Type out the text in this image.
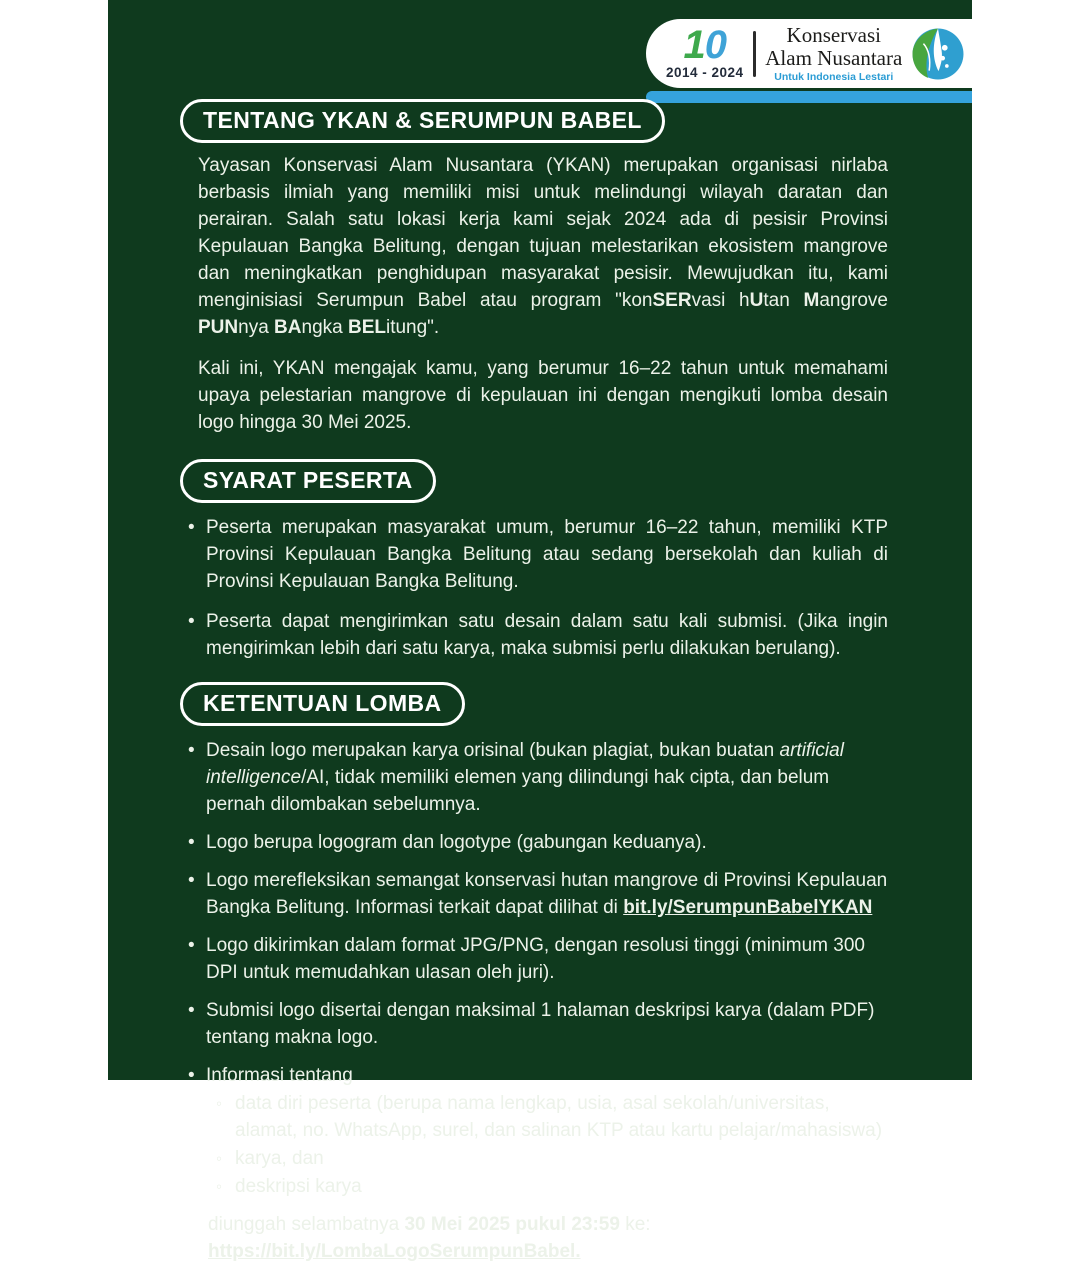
10
2014 - 2024
Konservasi
Alam Nusantara
Untuk Indonesia Lestari
TENTANG YKAN & SERUMPUN BABEL

Yayasan Konservasi Alam Nusantara (YKAN) merupakan organisasi nirlaba berbasis ilmiah yang memiliki misi untuk melindungi wilayah daratan dan perairan. Salah satu lokasi kerja kami sejak 2024 ada di pesisir Provinsi Kepulauan Bangka Belitung, dengan tujuan melestarikan ekosistem mangrove dan meningkatkan penghidupan masyarakat pesisir. Mewujudkan itu, kami menginisiasi Serumpun Babel atau program "konSERvasi hUtan Mangrove PUNnya BAngka BELitung".

Kali ini, YKAN mengajak kamu, yang berumur 16–22 tahun untuk memahami upaya pelestarian mangrove di kepulauan ini dengan mengikuti lomba desain logo hingga 30 Mei 2025.

SYARAT PESERTA
• Peserta merupakan masyarakat umum, berumur 16–22 tahun, memiliki KTP Provinsi Kepulauan Bangka Belitung atau sedang bersekolah dan kuliah di Provinsi Kepulauan Bangka Belitung.
• Peserta dapat mengirimkan satu desain dalam satu kali submisi. (Jika ingin mengirimkan lebih dari satu karya, maka submisi perlu dilakukan berulang).
KETENTUAN LOMBA
• Desain logo merupakan karya orisinal (bukan plagiat, bukan buatan artificial intelligence/AI, tidak memiliki elemen yang dilindungi hak cipta, dan belum pernah dilombakan sebelumnya.
• Logo berupa logogram dan logotype (gabungan keduanya).
• Logo merefleksikan semangat konservasi hutan mangrove di Provinsi Kepulauan Bangka Belitung. Informasi terkait dapat dilihat di bit.ly/SerumpunBabelYKAN
• Logo dikirimkan dalam format JPG/PNG, dengan resolusi tinggi (minimum 300 DPI untuk memudahkan ulasan oleh juri).
• Submisi logo disertai dengan maksimal 1 halaman deskripsi karya (dalam PDF) tentang makna logo.
• Informasi tentang
◦ data diri peserta (berupa nama lengkap, usia, asal sekolah/universitas, alamat, no. WhatsApp, surel, dan salinan KTP atau kartu pelajar/mahasiswa)
◦ karya, dan
◦ deskripsi karya

diunggah selambatnya 30 Mei 2025 pukul 23:59 ke:

https://bit.ly/LombaLogoSerumpunBabel.
